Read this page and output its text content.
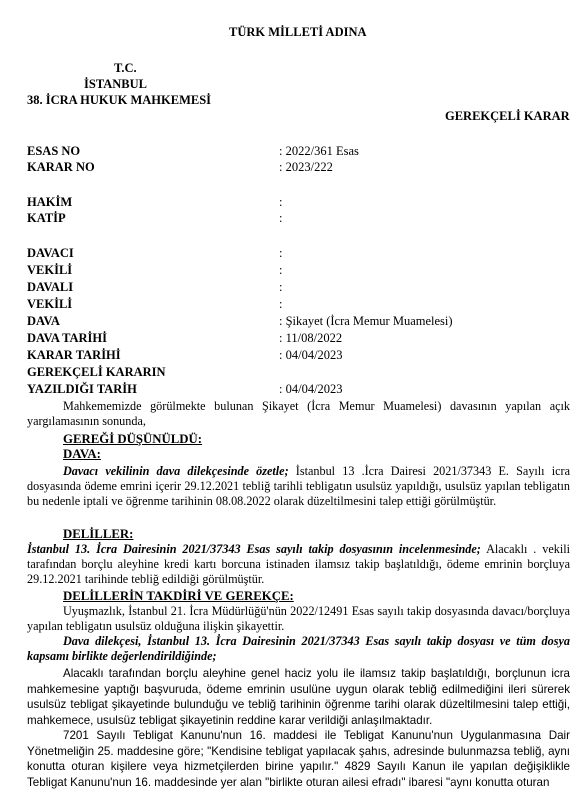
TÜRK MİLLETİ ADINA
T.C.
İSTANBUL
38. İCRA HUKUK MAHKEMESİ
GEREKÇELİ KARAR
ESAS NO	: 2022/361 Esas
KARAR NO	: 2023/222
HAKİM	:
KATİP	:
DAVACI	:
VEKİLİ	:
DAVALI	:
VEKİLİ	:
DAVA	: Şikayet (İcra Memur Muamelesi)
DAVA TARİHİ	: 11/08/2022
KARAR TARİHİ	: 04/04/2023
GEREKÇELİ KARARIN
YAZILDIĞI TARİH	: 04/04/2023
Mahkememizde görülmekte bulunan Şikayet (İcra Memur Muamelesi) davasının yapılan açık yargılamasının sonunda,
GEREĞİ DÜŞÜNÜLDÜ:
DAVA:
Davacı vekilinin dava dilekçesinde özetle; İstanbul 13 .İcra Dairesi 2021/37343 E. Sayılı icra dosyasında ödeme emrini içerir 29.12.2021 tebliğ tarihli tebligatın usulsüz yapıldığı, usulsüz yapılan tebligatın bu nedenle iptali ve öğrenme tarihinin 08.08.2022 olarak düzeltilmesini talep ettiği görülmüştür.
DELİLLER:
İstanbul 13. İcra Dairesinin 2021/37343 Esas sayılı takip dosyasının incelenmesinde; Alacaklı . vekili tarafından borçlu aleyhine kredi kartı borcuna istinaden ilamsız takip başlatıldığı, ödeme emrinin borçluya 29.12.2021 tarihinde tebliğ edildiği görülmüştür.
DELİLLERİN TAKDİRİ VE GEREKÇE:
Uyuşmazlık, İstanbul 21. İcra Müdürlüğü'nün 2022/12491 Esas sayılı takip dosyasında davacı/borçluya yapılan tebligatın usulsüz olduğuna ilişkin şikayettir.
Dava dilekçesi, İstanbul 13. İcra Dairesinin 2021/37343 Esas sayılı takip dosyası ve tüm dosya kapsamı birlikte değerlendirildiğinde;
Alacaklı tarafından borçlu aleyhine genel haciz yolu ile ilamsız takip başlatıldığı, borçlunun icra mahkemesine yaptığı başvuruda, ödeme emrinin usulüne uygun olarak tebliğ edilmediğini ileri sürerek usulsüz tebligat şikayetinde bulunduğu ve tebliğ tarihinin öğrenme tarihi olarak düzeltilmesini talep ettiği, mahkemece, usulsüz tebligat şikayetinin reddine karar verildiği anlaşılmaktadır.
7201 Sayılı Tebligat Kanunu'nun 16. maddesi ile Tebligat Kanunu'nun Uygulanmasına Dair Yönetmeliğin 25. maddesine göre; "Kendisine tebligat yapılacak şahıs, adresinde bulunmazsa tebliğ, aynı konutta oturan kişilere veya hizmetçilerden birine yapılır." 4829 Sayılı Kanun ile yapılan değişiklikle Tebligat Kanunu'nun 16. maddesinde yer alan "birlikte oturan ailesi efradı" ibaresi "aynı konutta oturan
